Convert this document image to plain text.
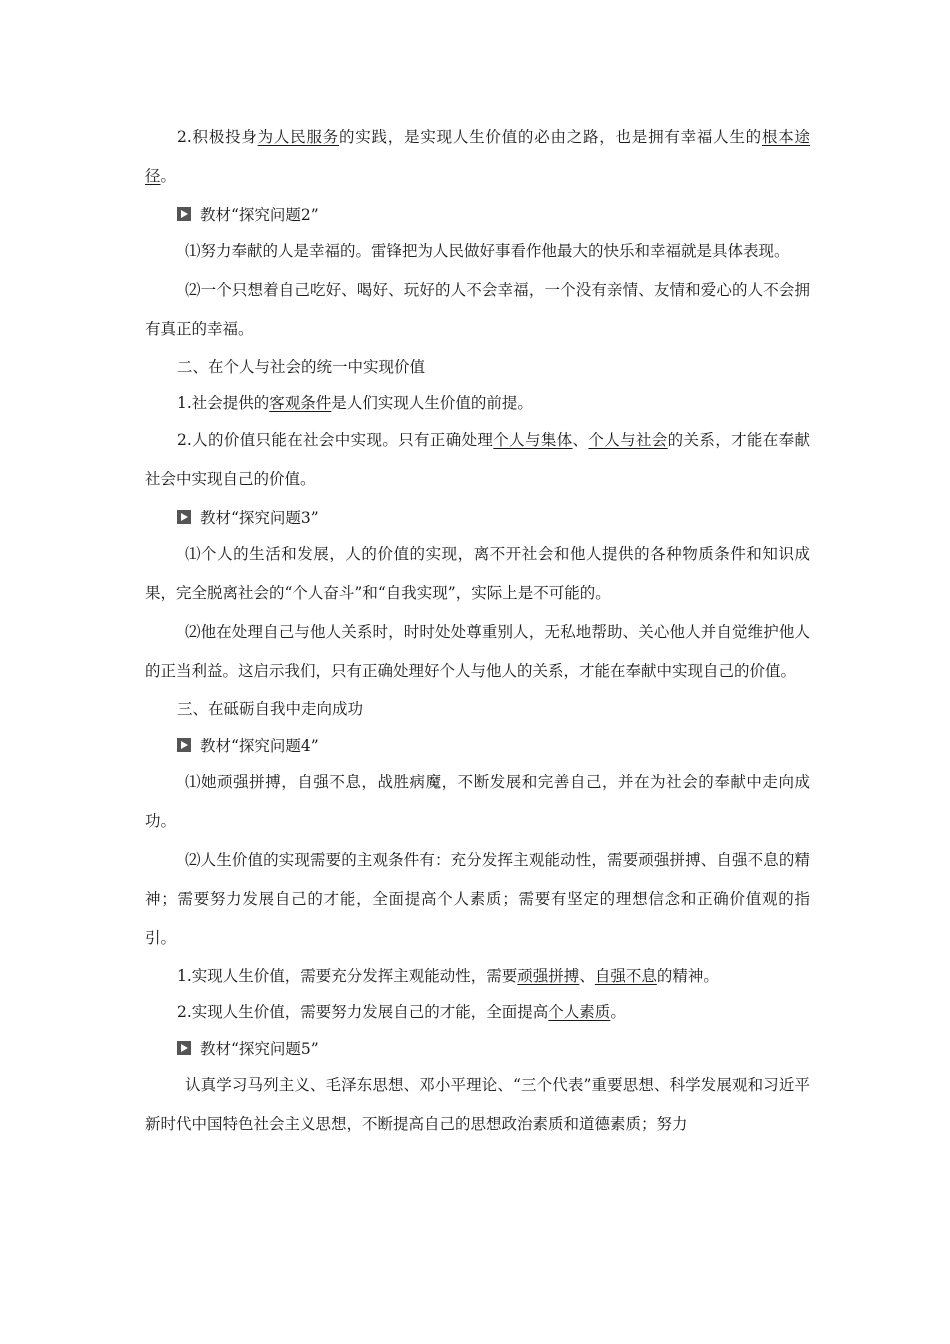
2.积极投身为人民服务的实践，是实现人生价值的必由之路，也是拥有幸福人生的根本途径。

教材“探究问题2”

⑴努力奉献的人是幸福的。雷锋把为人民做好事看作他最大的快乐和幸福就是具体表现。

⑵一个只想着自己吃好、喝好、玩好的人不会幸福，一个没有亲情、友情和爱心的人不会拥有真正的幸福。

二、在个人与社会的统一中实现价值

1.社会提供的客观条件是人们实现人生价值的前提。

2.人的价值只能在社会中实现。只有正确处理个人与集体、个人与社会的关系，才能在奉献社会中实现自己的价值。

教材“探究问题3”

⑴个人的生活和发展，人的价值的实现，离不开社会和他人提供的各种物质条件和知识成果，完全脱离社会的“个人奋斗”和“自我实现”，实际上是不可能的。

⑵他在处理自己与他人关系时，时时处处尊重别人，无私地帮助、关心他人并自觉维护他人的正当利益。这启示我们，只有正确处理好个人与他人的关系，才能在奉献中实现自己的价值。

三、在砥砺自我中走向成功

教材“探究问题4”

⑴她顽强拼搏，自强不息，战胜病魔，不断发展和完善自己，并在为社会的奉献中走向成功。

⑵人生价值的实现需要的主观条件有：充分发挥主观能动性，需要顽强拼搏、自强不息的精神；需要努力发展自己的才能，全面提高个人素质；需要有坚定的理想信念和正确价值观的指引。

1.实现人生价值，需要充分发挥主观能动性，需要顽强拼搏、自强不息的精神。

2.实现人生价值，需要努力发展自己的才能，全面提高个人素质。

教材“探究问题5”

认真学习马列主义、毛泽东思想、邓小平理论、“三个代表”重要思想、科学发展观和习近平新时代中国特色社会主义思想，不断提高自己的思想政治素质和道德素质；努力
